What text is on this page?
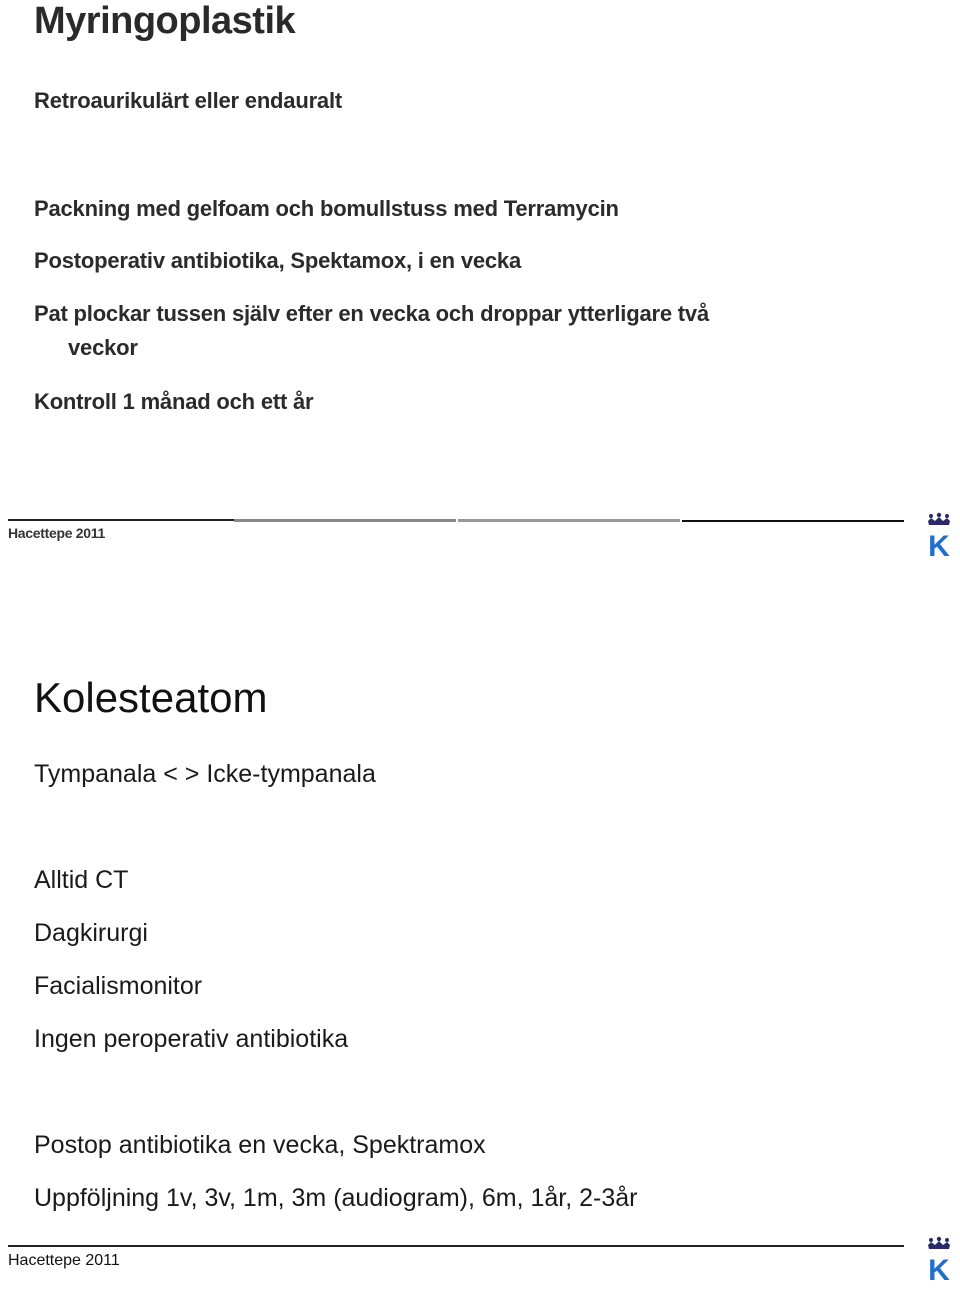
Myringoplastik
Retroaurikulärt eller endauralt
Packning med gelfoam och bomullstuss med Terramycin
Postoperativ antibiotika, Spektamox, i en vecka
Pat plockar tussen själv efter en vecka och droppar ytterligare två
veckor
Kontroll 1 månad och ett år
Hacettepe 2011	K
Kolesteatom
Tympanala < > Icke-tympanala
Alltid CT
Dagkirurgi
Facialismonitor
Ingen peroperativ antibiotika
Postop antibiotika en vecka, Spektramox
Uppföljning 1v, 3v, 1m, 3m (audiogram), 6m, 1år, 2-3år
Hacettepe 2011	K
